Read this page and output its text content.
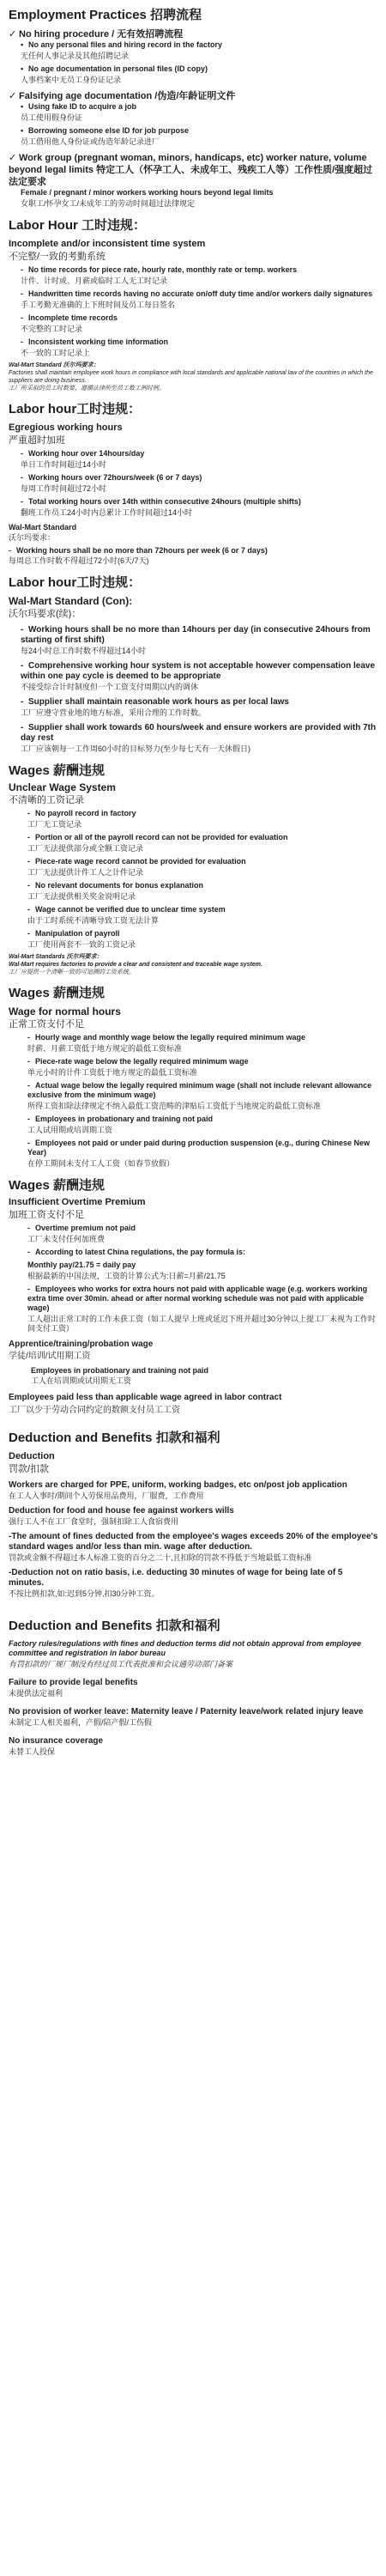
Employment Practices 招聘流程
✓ No hiring procedure / 无有效招聘流程
• No any personal files and hiring record in the factory
无任何人事记录及其他招聘记录
• No age documentation in personal files (ID copy)
人事档案中无员工身份证记录
✓ Falsifying age documentation /伪造/年龄证明文件
• Using fake ID to acquire a job
员工使用假身份证
• Borrowing someone else ID for job purpose
员工借用他人身份证或伪造年龄记录进厂
✓ Work group (pregnant woman, minors, handicaps, etc) worker nature, volume beyond legal limits 特定工人（怀孕工人、未成年工、残疾工人等）工作性质/强度超过法定要求
Female / pregnant / minor workers working hours beyond legal limits
女职工/怀孕女工/未成年工的劳动时间超过法律规定
Labor Hour 工时违规：
Incomplete and/or inconsistent time system
不完整/一致的考勤系统
- No time records for piece rate, hourly rate, monthly rate or temp. workers
计件、计时或、月薪或临时工人无工时记录
- Handwritten time records having no accurate on/off duty time and/or workers daily signatures
手工考勤无准确的上下班时间及员工每日签名
- Incomplete time records
不完整的工时记录
- Inconsistent working time information
不一致的工时记录上
Wal-Mart Standard 沃尔玛要求：
Factories shall maintain employee work hours in compliance with local standards and applicable national law of the countries in which the suppliers are doing business.
工厂所采取的员工时数要，遵循法律所至员工数工例时例。
Labor hour工时违规：
Egregious working hours
严重超时加班
- Working hour over 14hours/day
单日工作时间超过14小时
- Working hours over 72hours/week (6 or 7 days)
每周工作时间超过72小时
- Total working hours over 14th within consecutive 24hours (multiple shifts)
翻班工作员工24小时内总累计工作时间超过14小时
Wal-Mart Standard
沃尔玛要求：
- Working hours shall be no more than 72hours per week (6 or 7 days)
每周总工作时数不得超过72小时(6天/7天)
Labor hour工时违规：
Wal-Mart Standard (Con):
沃尔玛要求(续)：
- Working hours shall be no more than 14hours per day (in consecutive 24hours from starting of first shift)
每24小时总工作时数不得超过14小时
- Comprehensive working hour system is not acceptable however compensation leave within one pay cycle is deemed to be appropriate
不接受综合计时制度但一个工资支付周期以内的调休
- Supplier shall maintain reasonable work hours as per local laws
工厂应遵守营业地的地方标准，采用合理的工作时数。
- Supplier shall work towards 60 hours/week and ensure workers are provided with 7th day rest
工厂应该朝每一工作周60小时的目标努力(至少每七天有一天休假日)
Wages 薪酬违规
Unclear Wage System
不清晰的工资记录
- No payroll record in factory
工厂无工资记录
- Portion or all of the payroll record can not be provided for evaluation
工厂无法提供部分或全额工资记录
- Piece-rate wage record cannot be provided for evaluation
工厂无法提供计件工人之计件记录
- No relevant documents for bonus explanation
工厂无法提供相关奖金说明记录
- Wage cannot be verified due to unclear time system
由于工时系统不清晰导致工资无法计算
- Manipulation of payroll
工厂使用两套不一致的工资记录
Wal-Mart Standards 沃尔玛要求：
Wal-Mart requires factories to provide a clear and consistent and traceable wage system.
工厂应提供一个清晰一致的可追溯的工资系统。
Wages 薪酬违规
Wage for normal hours
正常工资支付不足
- Hourly wage and monthly wage below the legally required minimum wage
时薪、月薪工资低于地方规定的最低工资标准
- Piece-rate wage below the legally required minimum wage
单元小时的计件工资低于地方规定的最低工资标准
- Actual wage below the legally required minimum wage (shall not include relevant allowance exclusive from the minimum wage)
所得工资扣除法律规定不纳入最低工资范畴的津贴后工资低于当地规定的最低工资标准
- Employees in probationary and training not paid
工人试用期或培训期工资
- Employees not paid or under paid during production suspension (e.g., during Chinese New Year)
在停工期间未支付工人工资（如春节放假）
Wages 薪酬违规
Insufficient Overtime Premium
加班工资支付不足
- Overtime premium not paid
工厂未支付任何加班费
- According to latest China regulations, the pay formula is:
Monthly pay/21.75 = daily pay
根据最新的中国法规，工资的计算公式为:日薪=月薪/21.75
- Employees who works for extra hours not paid with applicable wage (e.g. workers working extra time over 30min. ahead or after normal working schedule was not paid with applicable wage)
工人超出正常工时的工作未获工资（如工人提早上班或延迟下班并超过30分钟以上提工厂未视为工作时间支付工资）
Apprentice/training/probation wage
学徒/培训/试用期工资
Employees in probationary and training not paid
工人在培训期或试用期无工资
Employees paid less than applicable wage agreed in labor contract
工厂以少于劳动合同约定的数额支付员工工资
Deduction and Benefits 扣款和福利
Deduction
罚款/扣款
Workers are charged for PPE, uniform, working badges, etc on/post job application
在工人入事时/期间个人劳保用品费用，厂服费，工作费用
Deduction for food and house fee against workers wills
强行工人不在工厂食堂时，强制扣除工人食宿费用
-The amount of fines deducted from the employee's wages exceeds 20% of the employee's standard wages and/or less than min. wage after deduction.
罚款或金额不得超过本人标准工资的百分之二十,且扣除的罚款不得低于当地最低工资标准
-Deduction not on ratio basis, i.e. deducting 30 minutes of wage for being late of 5 minutes.
不按比例扣款,如:迟到5分钟,扣30分钟工资。
Deduction and Benefits 扣款和福利
Factory rules/regulations with fines and deduction terms did not obtain approval from employee committee and registration in labor bureau
有罚扣款的厂规厂制没有经过员工代表批准和会议通劳动部门备案
Failure to provide legal benefits
未提供法定福利
No provision of worker leave: Maternity leave / Paternity leave/work related injury leave
未制定工人相关福利，产假/陪产假/工伤假
No insurance coverage
未替工人投保
